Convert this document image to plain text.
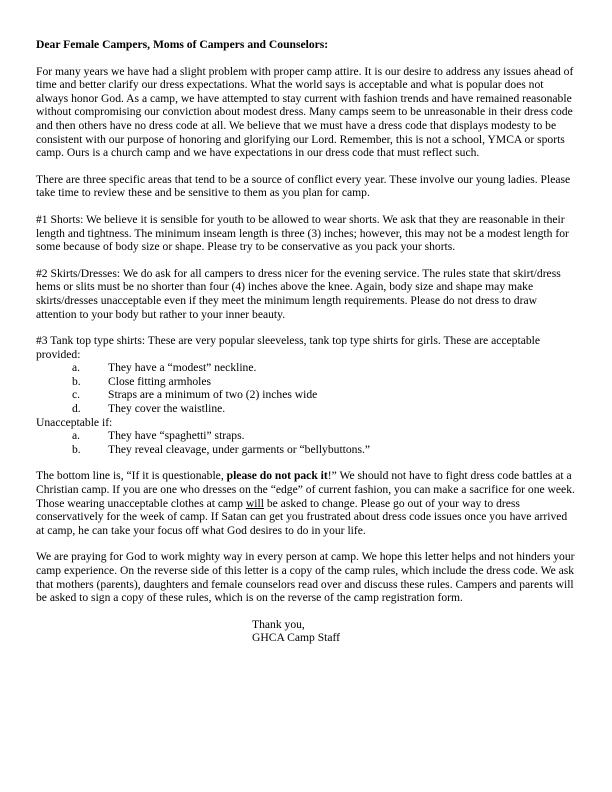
Dear Female Campers, Moms of Campers and Counselors:

For many years we have had a slight problem with proper camp attire. It is our desire to address any issues ahead of time and better clarify our dress expectations. What the world says is acceptable and what is popular does not always honor God. As a camp, we have attempted to stay current with fashion trends and have remained reasonable without compromising our conviction about modest dress. Many camps seem to be unreasonable in their dress code and then others have no dress code at all. We believe that we must have a dress code that displays modesty to be consistent with our purpose of honoring and glorifying our Lord. Remember, this is not a school, YMCA or sports camp. Ours is a church camp and we have expectations in our dress code that must reflect such.

There are three specific areas that tend to be a source of conflict every year. These involve our young ladies. Please take time to review these and be sensitive to them as you plan for camp.

#1 Shorts: We believe it is sensible for youth to be allowed to wear shorts. We ask that they are reasonable in their length and tightness. The minimum inseam length is three (3) inches; however, this may not be a modest length for some because of body size or shape. Please try to be conservative as you pack your shorts.

#2 Skirts/Dresses: We do ask for all campers to dress nicer for the evening service. The rules state that skirt/dress hems or slits must be no shorter than four (4) inches above the knee. Again, body size and shape may make skirts/dresses unacceptable even if they meet the minimum length requirements. Please do not dress to draw attention to your body but rather to your inner beauty.

#3 Tank top type shirts: These are very popular sleeveless, tank top type shirts for girls. These are acceptable provided:

a.	They have a “modest” neckline.
b.	Close fitting armholes
c.	Straps are a minimum of two (2) inches wide
d.	They cover the waistline.

Unacceptable if:

a.	They have “spaghetti” straps.
b.	They reveal cleavage, under garments or “bellybuttons.”

The bottom line is, “If it is questionable, please do not pack it!” We should not have to fight dress code battles at a Christian camp. If you are one who dresses on the “edge” of current fashion, you can make a sacrifice for one week. Those wearing unacceptable clothes at camp will be asked to change. Please go out of your way to dress conservatively for the week of camp. If Satan can get you frustrated about dress code issues once you have arrived at camp, he can take your focus off what God desires to do in your life.

We are praying for God to work mighty way in every person at camp. We hope this letter helps and not hinders your camp experience. On the reverse side of this letter is a copy of the camp rules, which include the dress code. We ask that mothers (parents), daughters and female counselors read over and discuss these rules. Campers and parents will be asked to sign a copy of these rules, which is on the reverse of the camp registration form.

Thank you,
GHCA Camp Staff
